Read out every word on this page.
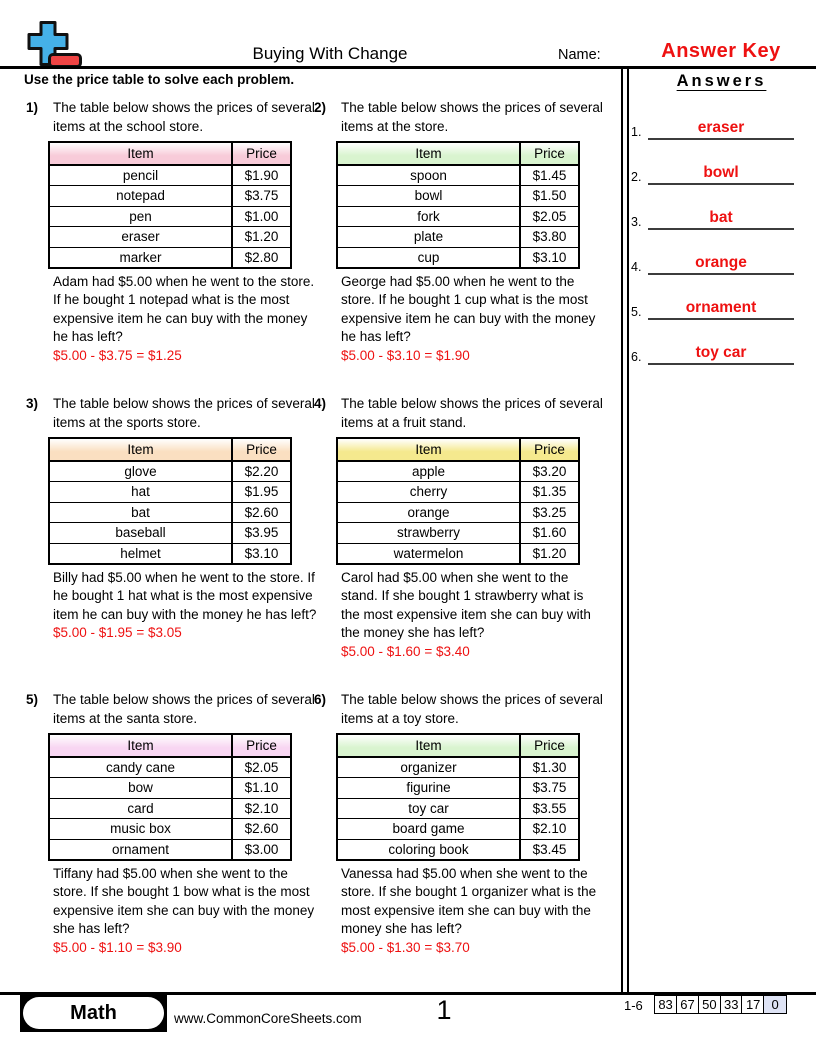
Buying With Change	Name:	Answer Key
Use the price table to solve each problem.
1) The table below shows the prices of several items at the school store.

Item	Price
pencil	$1.90
notepad	$3.75
pen	$1.00
eraser	$1.20
marker	$2.80

Adam had $5.00 when he went to the store. If he bought 1 notepad what is the most expensive item he can buy with the money he has left?

$5.00 - $3.75 = $1.25

2) The table below shows the prices of several items at the store.

Item	Price
spoon	$1.45
bowl	$1.50
fork	$2.05
plate	$3.80
cup	$3.10

George had $5.00 when he went to the store. If he bought 1 cup what is the most expensive item he can buy with the money he has left?

$5.00 - $3.10 = $1.90

3) The table below shows the prices of several items at the sports store.

Item	Price
glove	$2.20
hat	$1.95
bat	$2.60
baseball	$3.95
helmet	$3.10

Billy had $5.00 when he went to the store. If he bought 1 hat what is the most expensive item he can buy with the money he has left?

$5.00 - $1.95 = $3.05

4) The table below shows the prices of several items at a fruit stand.

Item	Price
apple	$3.20
cherry	$1.35
orange	$3.25
strawberry	$1.60
watermelon	$1.20

Carol had $5.00 when she went to the stand. If she bought 1 strawberry what is the most expensive item she can buy with the money she has left?

$5.00 - $1.60 = $3.40

5) The table below shows the prices of several items at the santa store.

Item	Price
candy cane	$2.05
bow	$1.10
card	$2.10
music box	$2.60
ornament	$3.00

Tiffany had $5.00 when she went to the store. If she bought 1 bow what is the most expensive item she can buy with the money she has left?

$5.00 - $1.10 = $3.90

6) The table below shows the prices of several items at a toy store.

Item	Price
organizer	$1.30
figurine	$3.75
toy car	$3.55
board game	$2.10
coloring book	$3.45

Vanessa had $5.00 when she went to the store. If she bought 1 organizer what is the most expensive item she can buy with the money she has left?

$5.00 - $1.30 = $3.70

Answers
1.	eraser
2.	bowl
3.	bat
4.	orange
5.	ornament
6.	toy car
Math	www.CommonCoreSheets.com	1	1-6	83 67 50 33 17 0
